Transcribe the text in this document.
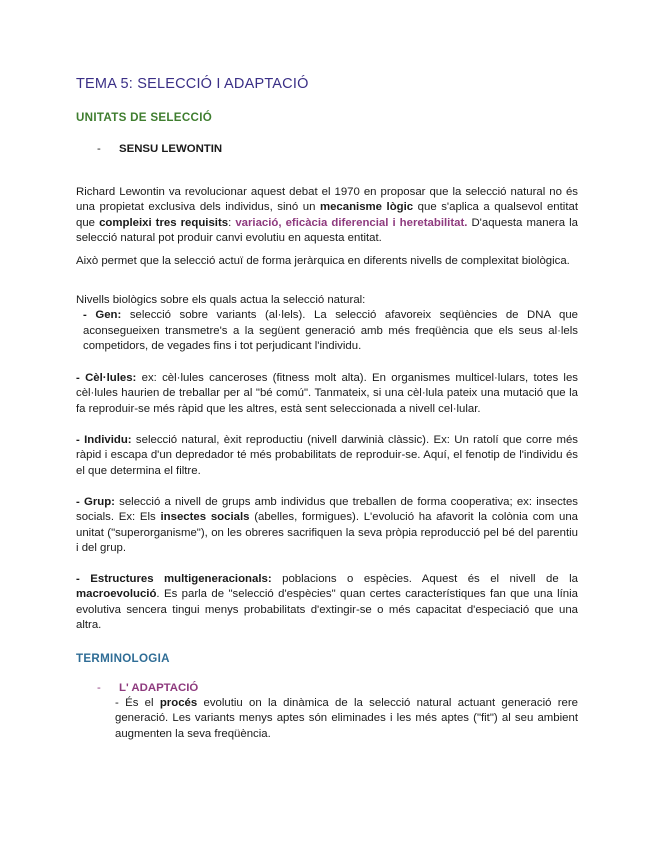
TEMA 5: SELECCIÓ I ADAPTACIÓ
UNITATS DE SELECCIÓ
- SENSU LEWONTIN
Richard Lewontin va revolucionar aquest debat el 1970 en proposar que la selecció natural no és una propietat exclusiva dels individus, sinó un mecanisme lògic que s'aplica a qualsevol entitat que compleixi tres requisits: variació, eficàcia diferencial i heretabilitat. D'aquesta manera la selecció natural pot produir canvi evolutiu en aquesta entitat.
Això permet que la selecció actuï de forma jeràrquica en diferents nivells de complexitat biològica.
Nivells biològics sobre els quals actua la selecció natural:
- Gen: selecció sobre variants (al·lels). La selecció afavoreix seqüències de DNA que aconsegueixen transmetre's a la següent generació amb més freqüència que els seus al·lels competidors, de vegades fins i tot perjudicant l'individu.
- Cèl·lules: ex: cèl·lules canceroses (fitness molt alta). En organismes multicel·lulars, totes les cèl·lules haurien de treballar per al "bé comú". Tanmateix, si una cèl·lula pateix una mutació que la fa reproduir-se més ràpid que les altres, està sent seleccionada a nivell cel·lular.
- Individu: selecció natural, èxit reproductiu (nivell darwinià clàssic). Ex: Un ratolí que corre més ràpid i escapa d'un depredador té més probabilitats de reproduir-se. Aquí, el fenotip de l'individu és el que determina el filtre.
- Grup: selecció a nivell de grups amb individus que treballen de forma cooperativa; ex: insectes socials. Ex: Els insectes socials (abelles, formigues). L'evolució ha afavorit la colònia com una unitat ("superorganisme"), on les obreres sacrifiquen la seva pròpia reproducció pel bé del parentiu i del grup.
- Estructures multigeneracionals: poblacions o espècies. Aquest és el nivell de la macroevolució. Es parla de "selecció d'espècies" quan certes característiques fan que una línia evolutiva sencera tingui menys probabilitats d'extingir-se o més capacitat d'especiació que una altra.
TERMINOLOGIA
- L' ADAPTACIÓ
- És el procés evolutiu on la dinàmica de la selecció natural actuant generació rere generació. Les variants menys aptes són eliminades i les més aptes ("fit") al seu ambient augmenten la seva freqüència.
